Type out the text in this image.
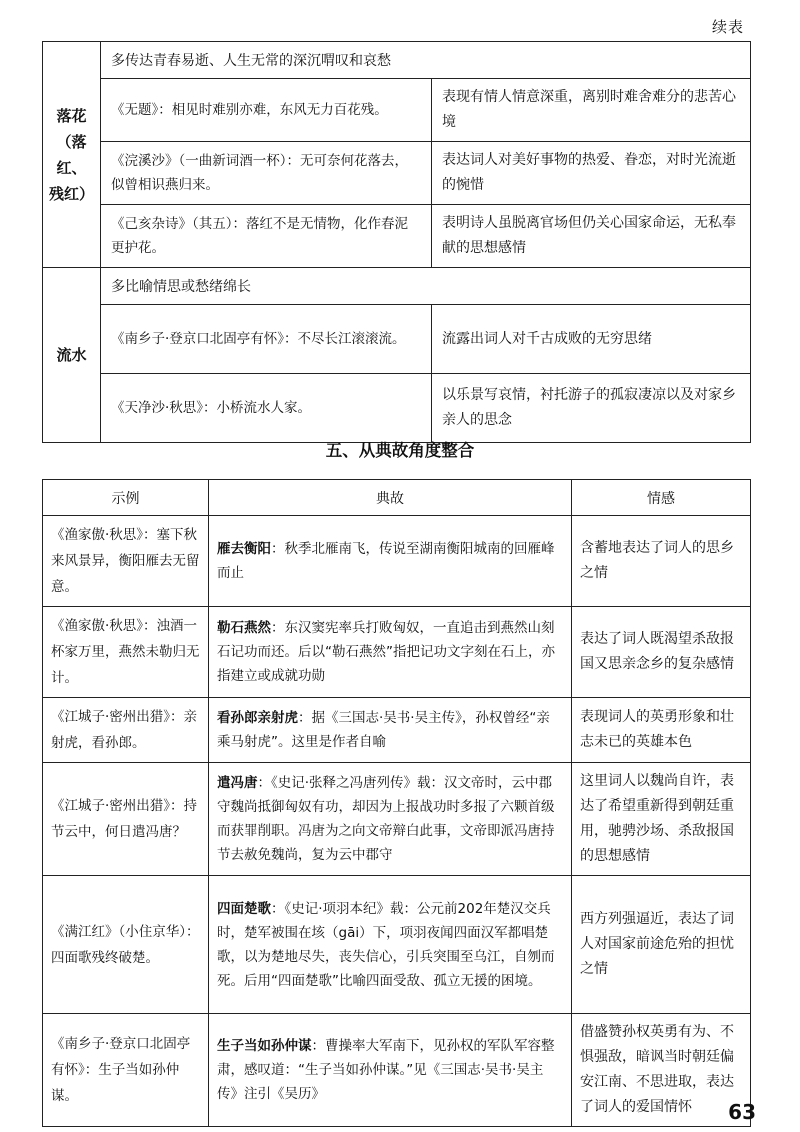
续表
落花
（落红、
残红）	多传达青春易逝、人生无常的深沉喟叹和哀愁	
	《无题》：相见时难别亦难，东风无力百花残。	表现有情人情意深重，离别时难舍难分的悲苦心境
	《浣溪沙》（一曲新词酒一杯）：无可奈何花落去，似曾相识燕归来。	表达词人对美好事物的热爱、眷恋，对时光流逝的惋惜
	《己亥杂诗》（其五）：落红不是无情物，化作春泥更护花。	表明诗人虽脱离官场但仍关心国家命运，无私奉献的思想感情

流水	多比喻情思或愁绪绵长	
	《南乡子·登京口北固亭有怀》：不尽长江滚滚流。	流露出词人对千古成败的无穷思绪
	《天净沙·秋思》：小桥流水人家。	以乐景写哀情，衬托游子的孤寂凄凉以及对家乡亲人的思念
五、从典故角度整合
示例	典故	情感
《渔家傲·秋思》：塞下秋来风景异，衡阳雁去无留意。	雁去衡阳：秋季北雁南飞，传说至湖南衡阳城南的回雁峰而止	含蓄地表达了词人的思乡之情
《渔家傲·秋思》：浊酒一杯家万里，燕然未勒归无计。	勒石燕然：东汉窦宪率兵打败匈奴，一直追击到燕然山刻石记功而还。后以“勒石燕然”指把记功文字刻在石上，亦指建立或成就功勋	表达了词人既渴望杀敌报国又思亲念乡的复杂感情
《江城子·密州出猎》：亲射虎，看孙郎。	看孙郎亲射虎：据《三国志·吴书·吴主传》，孙权曾经“亲乘马射虎”。这里是作者自喻	表现词人的英勇形象和壮志未已的英雄本色
《江城子·密州出猎》：持节云中，何日遣冯唐？	遣冯唐：《史记·张释之冯唐列传》载：汉文帝时，云中郡守魏尚抵御匈奴有功，却因为上报战功时多报了六颗首级而获罪削职。冯唐为之向文帝辩白此事，文帝即派冯唐持节去赦免魏尚，复为云中郡守	这里词人以魏尚自许，表达了希望重新得到朝廷重用，驰骋沙场、杀敌报国的思想感情
《满江红》（小住京华）：四面歌残终破楚。	四面楚歌：《史记·项羽本纪》载：公元前202年楚汉交兵时，楚军被围在垓（gāi）下，项羽夜闻四面汉军都唱楚歌，以为楚地尽失，丧失信心，引兵突围至乌江，自刎而死。后用“四面楚歌”比喻四面受敌、孤立无援的困境。	西方列强逼近，表达了词人对国家前途危殆的担忧之情
《南乡子·登京口北固亭有怀》：生子当如孙仲谋。	生子当如孙仲谋：曹操率大军南下，见孙权的军队军容整肃，感叹道：“生子当如孙仲谋。”见《三国志·吴书·吴主传》注引《吴历》	借盛赞孙权英勇有为、不惧强敌，暗讽当时朝廷偏安江南、不思进取，表达了词人的爱国情怀 63
